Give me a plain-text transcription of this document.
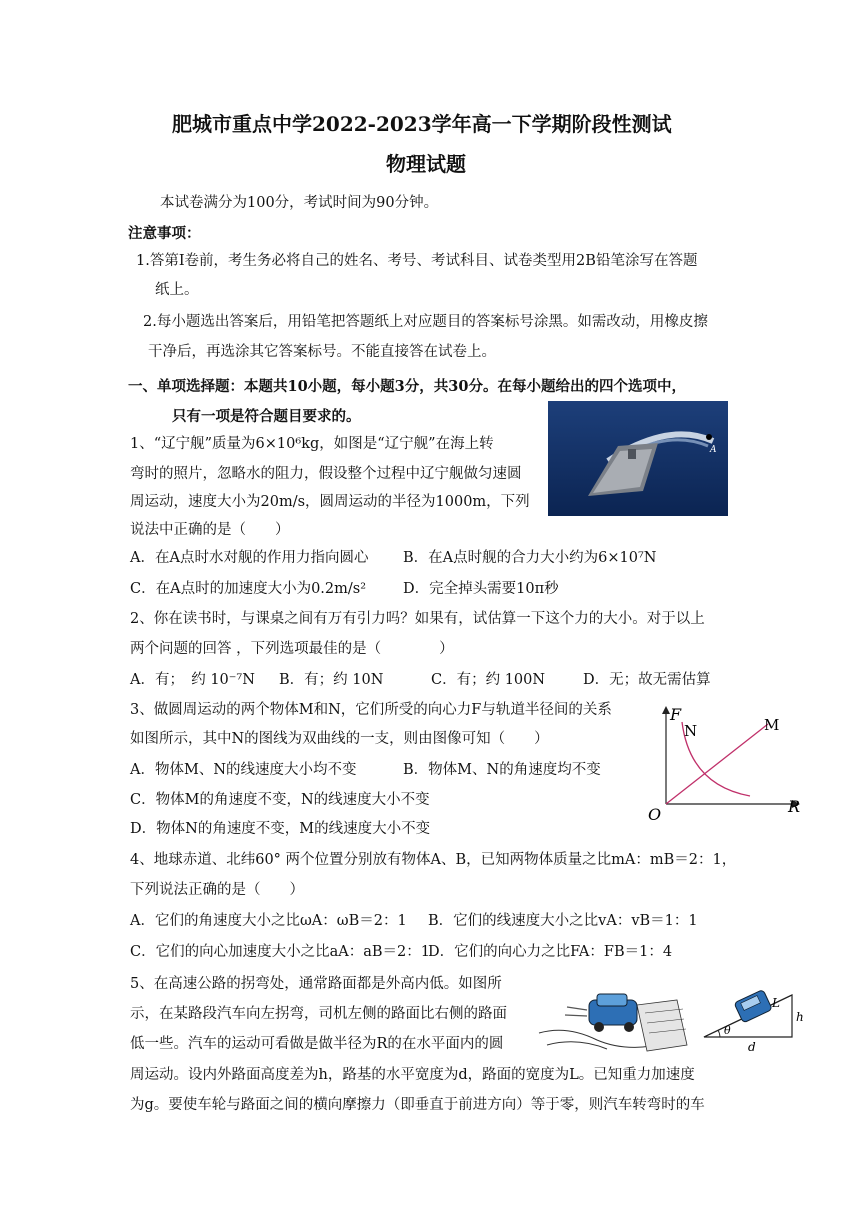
肥城市重点中学2022-2023学年高一下学期阶段性测试
物理试题
本试卷满分为100分，考试时间为90分钟。
注意事项：
1.答第Ⅰ卷前，考生务必将自己的姓名、考号、考试科目、试卷类型用2B铅笔涂写在答题
纸上。
2.每小题选出答案后，用铅笔把答题纸上对应题目的答案标号涂黑。如需改动，用橡皮擦
干净后，再选涂其它答案标号。不能直接答在试卷上。
一、单项选择题：本题共10小题，每小题3分，共30分。在每小题给出的四个选项中，
只有一项是符合题目要求的。
1、“辽宁舰”质量为6×10⁶kg，如图是“辽宁舰”在海上转
弯时的照片，忽略水的阻力，假设整个过程中辽宁舰做匀速圆
周运动，速度大小为20m/s，圆周运动的半径为1000m，下列
说法中正确的是（　　）
A
A．在A点时水对舰的作用力指向圆心 B．在A点时舰的合力大小约为6×10⁷N
C．在A点时的加速度大小为0.2m/s²	D．完全掉头需要10π秒
2、你在读书时，与课桌之间有万有引力吗？如果有，试估算一下这个力的大小。对于以上
两个问题的回答 ，下列选项最佳的是（　　　　）
A．有；　约 10⁻⁷N B．有；约 10N	C．有；约 100N	D．无；故无需估算
3、做圆周运动的两个物体M和N，它们所受的向心力F与轨道半径间的关系
如图所示，其中N的图线为双曲线的一支，则由图像可知（　　）
A．物体M、N的线速度大小均不变	B．物体M、N的角速度均不变
C．物体M的角速度不变，N的线速度大小不变
D．物体N的角速度不变，M的线速度大小不变
F
R
O
N	M
4、地球赤道、北纬60° 两个位置分别放有物体A、B，已知两物体质量之比mA：mB＝2：1，
下列说法正确的是（　　）
A．它们的角速度大小之比ωA：ωB＝2：1 B．它们的线速度大小之比vA：vB＝1：1
C．它们的向心加速度大小之比aA：aB＝2：1
D．它们的向心力之比FA：FB＝1：4
5、在高速公路的拐弯处，通常路面都是外高内低。如图所
示，在某路段汽车向左拐弯，司机左侧的路面比右侧的路面
低一些。汽车的运动可看做是做半径为R的在水平面内的圆
周运动。设内外路面高度差为h，路基的水平宽度为d，路面的宽度为L。已知重力加速度
为g。要使车轮与路面之间的横向摩擦力（即垂直于前进方向）等于零，则汽车转弯时的车
θ
L
h
d
